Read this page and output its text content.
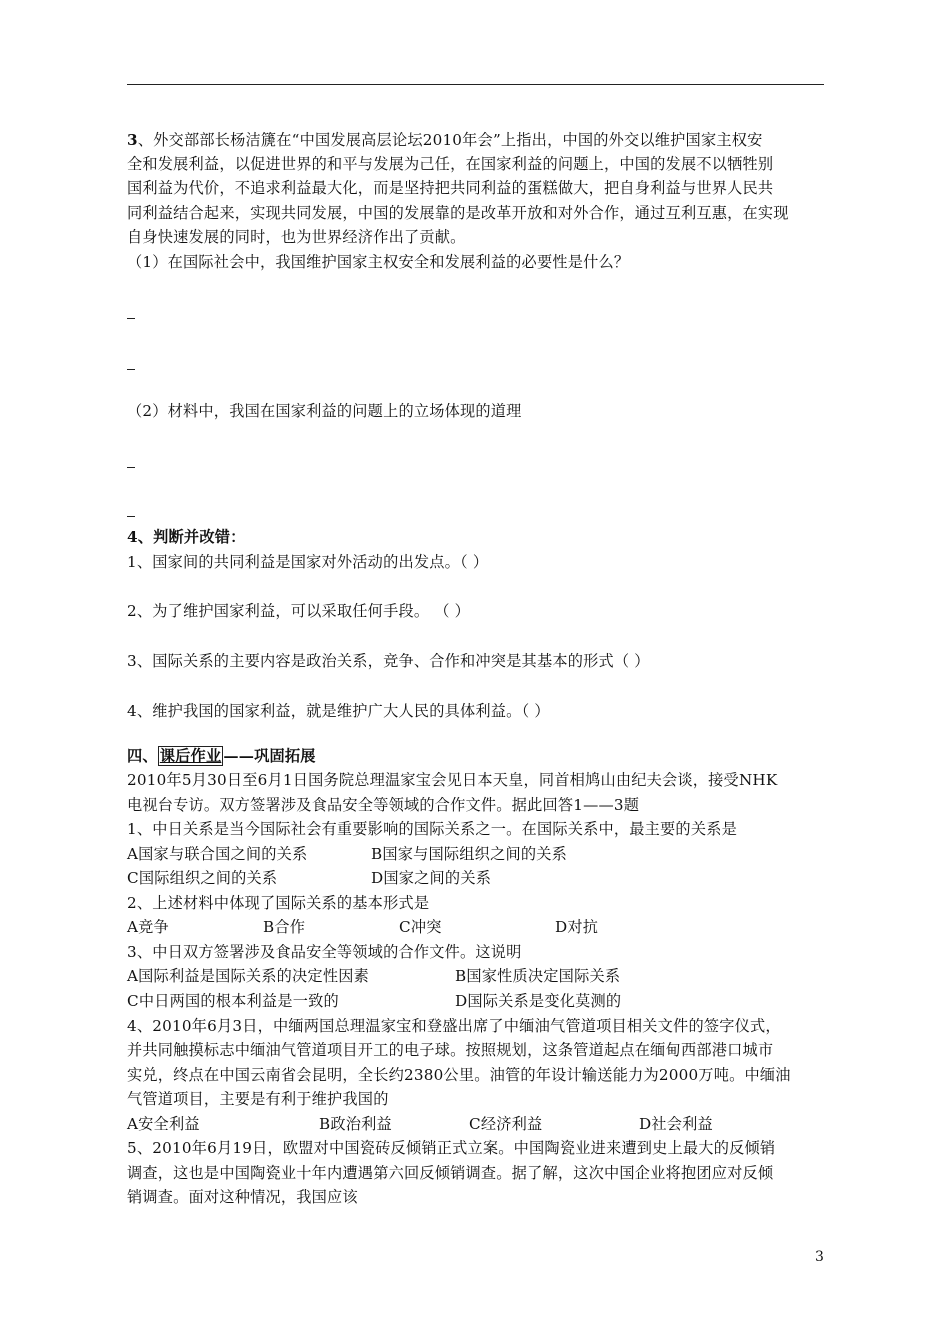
3、外交部部长杨洁篪在“中国发展高层论坛2010年会”上指出，中国的外交以维护国家主权安
全和发展利益，以促进世界的和平与发展为己任，在国家利益的问题上，中国的发展不以牺牲别
国利益为代价，不追求利益最大化，而是坚持把共同利益的蛋糕做大，把自身利益与世界人民共
同利益结合起来，实现共同发展，中国的发展靠的是改革开放和对外合作，通过互利互惠，在实现
自身快速发展的同时，也为世界经济作出了贡献。
（1）在国际社会中，我国维护国家主权安全和发展利益的必要性是什么？
（2）材料中，我国在国家利益的问题上的立场体现的道理
4、判断并改错：
1、国家间的共同利益是国家对外活动的出发点。（ ）
2、为了维护国家利益，可以采取任何手段。 （ ）
3、国际关系的主要内容是政治关系，竞争、合作和冲突是其基本的形式（ ）
4、维护我国的国家利益，就是维护广大人民的具体利益。（ ）
四、 课后作业 ——巩固拓展
2010年5月30日至6月1日国务院总理温家宝会见日本天皇，同首相鸠山由纪夫会谈，接受NHK
电视台专访。双方签署涉及食品安全等领域的合作文件。据此回答1——3题
1、中日关系是当今国际社会有重要影响的国际关系之一。在国际关系中，最主要的关系是
A国家与联合国之间的关系	B国家与国际组织之间的关系
C国际组织之间的关系	D国家之间的关系
2、上述材料中体现了国际关系的基本形式是
A竞争	B合作	C冲突	D对抗
3、中日双方签署涉及食品安全等领域的合作文件。这说明
A国际利益是国际关系的决定性因素	B国家性质决定国际关系
C中日两国的根本利益是一致的	D国际关系是变化莫测的
4、2010年6月3日，中缅两国总理温家宝和登盛出席了中缅油气管道项目相关文件的签字仪式，
并共同触摸标志中缅油气管道项目开工的电子球。按照规划，这条管道起点在缅甸西部港口城市
实兑，终点在中国云南省会昆明，全长约2380公里。油管的年设计输送能力为2000万吨。中缅油
气管道项目，主要是有利于维护我国的
A安全利益	B政治利益	C经济利益	D社会利益
5、2010年6月19日，欧盟对中国瓷砖反倾销正式立案。中国陶瓷业进来遭到史上最大的反倾销
调查，这也是中国陶瓷业十年内遭遇第六回反倾销调查。据了解，这次中国企业将抱团应对反倾
销调查。面对这种情况，我国应该
3
